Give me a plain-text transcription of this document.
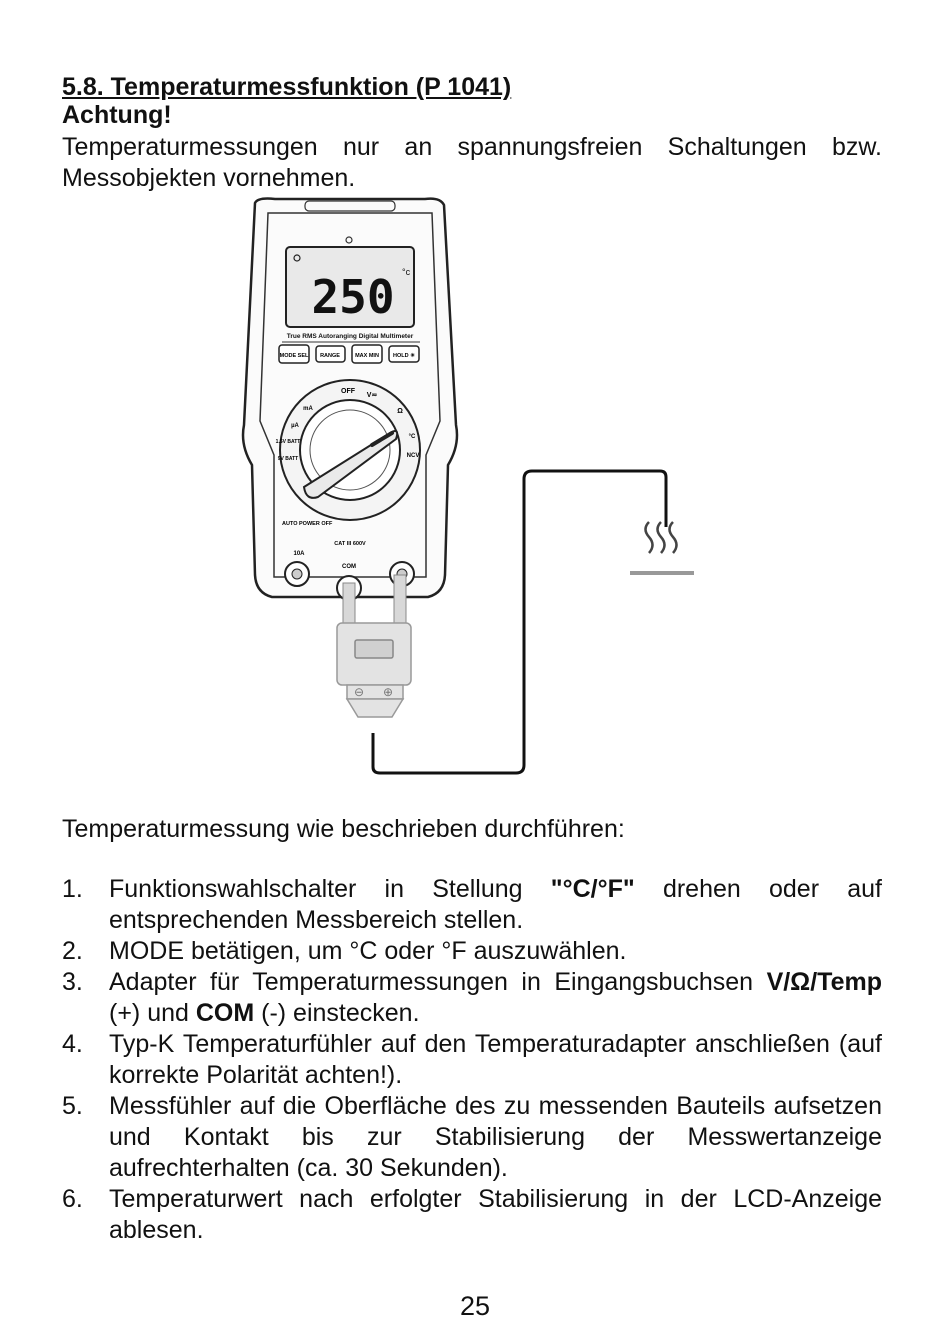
5.8. Temperaturmessfunktion (P 1041)
Achtung!
Temperaturmessungen nur an spannungsfreien Schaltungen bzw. Messobjekten vornehmen.
250 °c
True RMS Autoranging Digital Multimeter
MODE SEL RANGE	MAX MIN	HOLD ☀
OFF
V≂
mA
µA
1.5V BATT
9V BATT
Ω
NCV
°C
AUTO POWER OFF
CAT III 600V
10A
COM
⊖ ⊕
Temperaturmessung wie beschrieben durchführen:
1. Funktionswahlschalter in Stellung "°C/°F" drehen oder auf entsprechenden Messbereich stellen.
2. MODE betätigen, um °C oder °F auszuwählen.
3. Adapter für Temperaturmessungen in Eingangsbuchsen V/Ω/Temp (+) und COM (-) einstecken.
4. Typ-K Temperaturfühler auf den Temperaturadapter anschließen (auf korrekte Polarität achten!).
5. Messfühler auf die Oberfläche des zu messenden Bauteils aufsetzen und Kontakt bis zur Stabilisierung der Messwertanzeige aufrechterhalten (ca. 30 Sekunden).
6. Temperaturwert nach erfolgter Stabilisierung in der LCD-Anzeige ablesen.
25
